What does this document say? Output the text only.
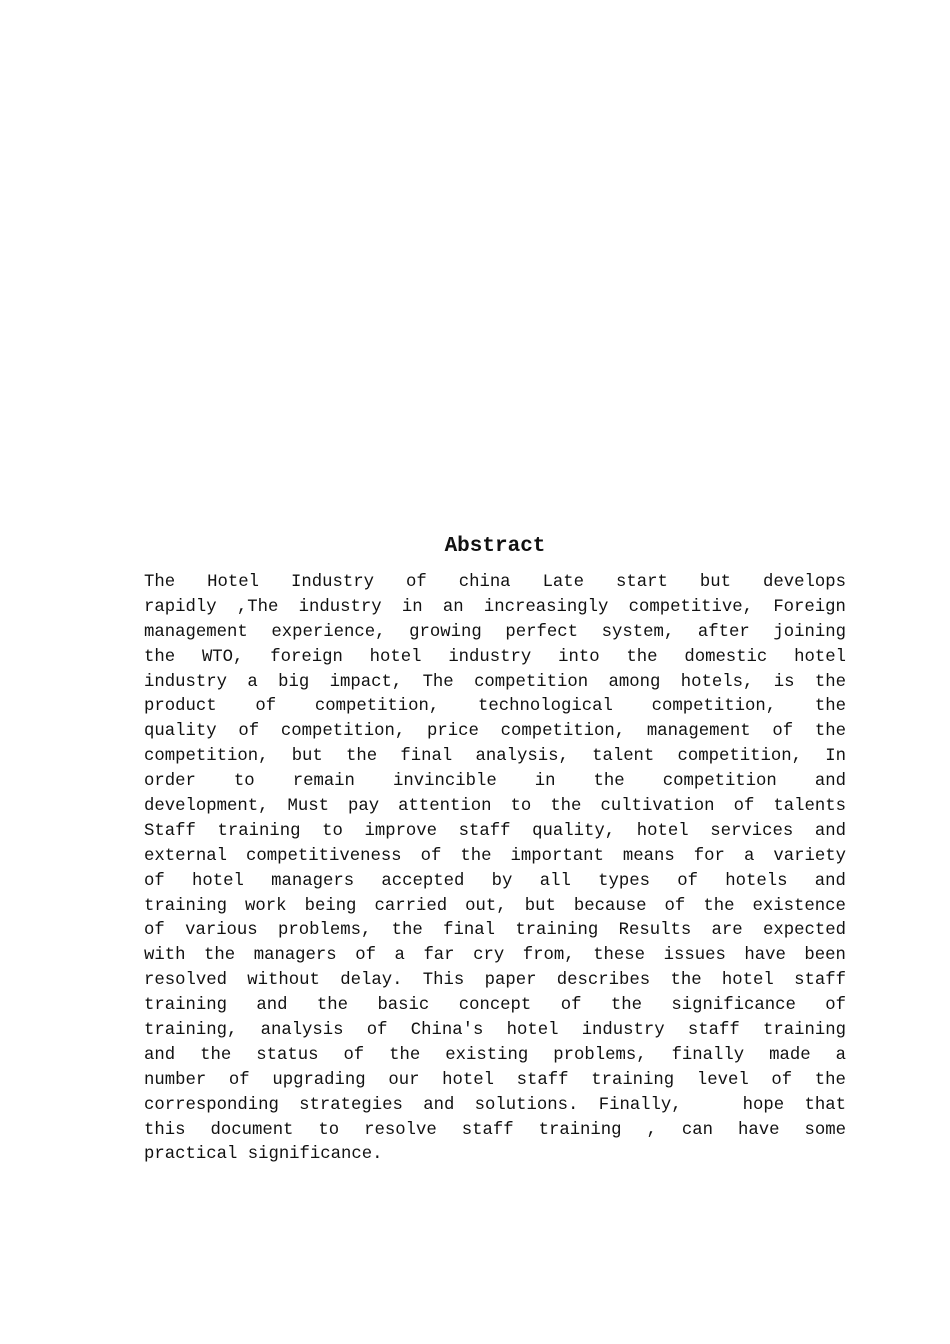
Abstract
The Hotel Industry of china Late start but develops
rapidly ,The industry in an increasingly competitive, Foreign
management experience, growing perfect system, after joining
the WTO, foreign hotel industry into the domestic hotel
industry a big impact, The competition among hotels, is the
product of competition, technological competition, the
quality of competition, price competition, management of the
competition, but the final analysis, talent competition, In
order to remain invincible in the competition and
development, Must pay attention to the cultivation of talents
Staff training to improve staff quality, hotel services and
external competitiveness of the important means for a variety
of hotel managers accepted by all types of hotels and
training work being carried out, but because of the existence
of various problems, the final training Results are expected
with the managers of a far cry from, these issues have been
resolved without delay. This paper describes the hotel staff
training and the basic concept of the significance of
training, analysis of China's hotel industry staff training
and the status of the existing problems, finally made a
number of upgrading our hotel staff training level of the
corresponding strategies and solutions. Finally,	hope that
this document to resolve staff training , can have some
practical significance.
